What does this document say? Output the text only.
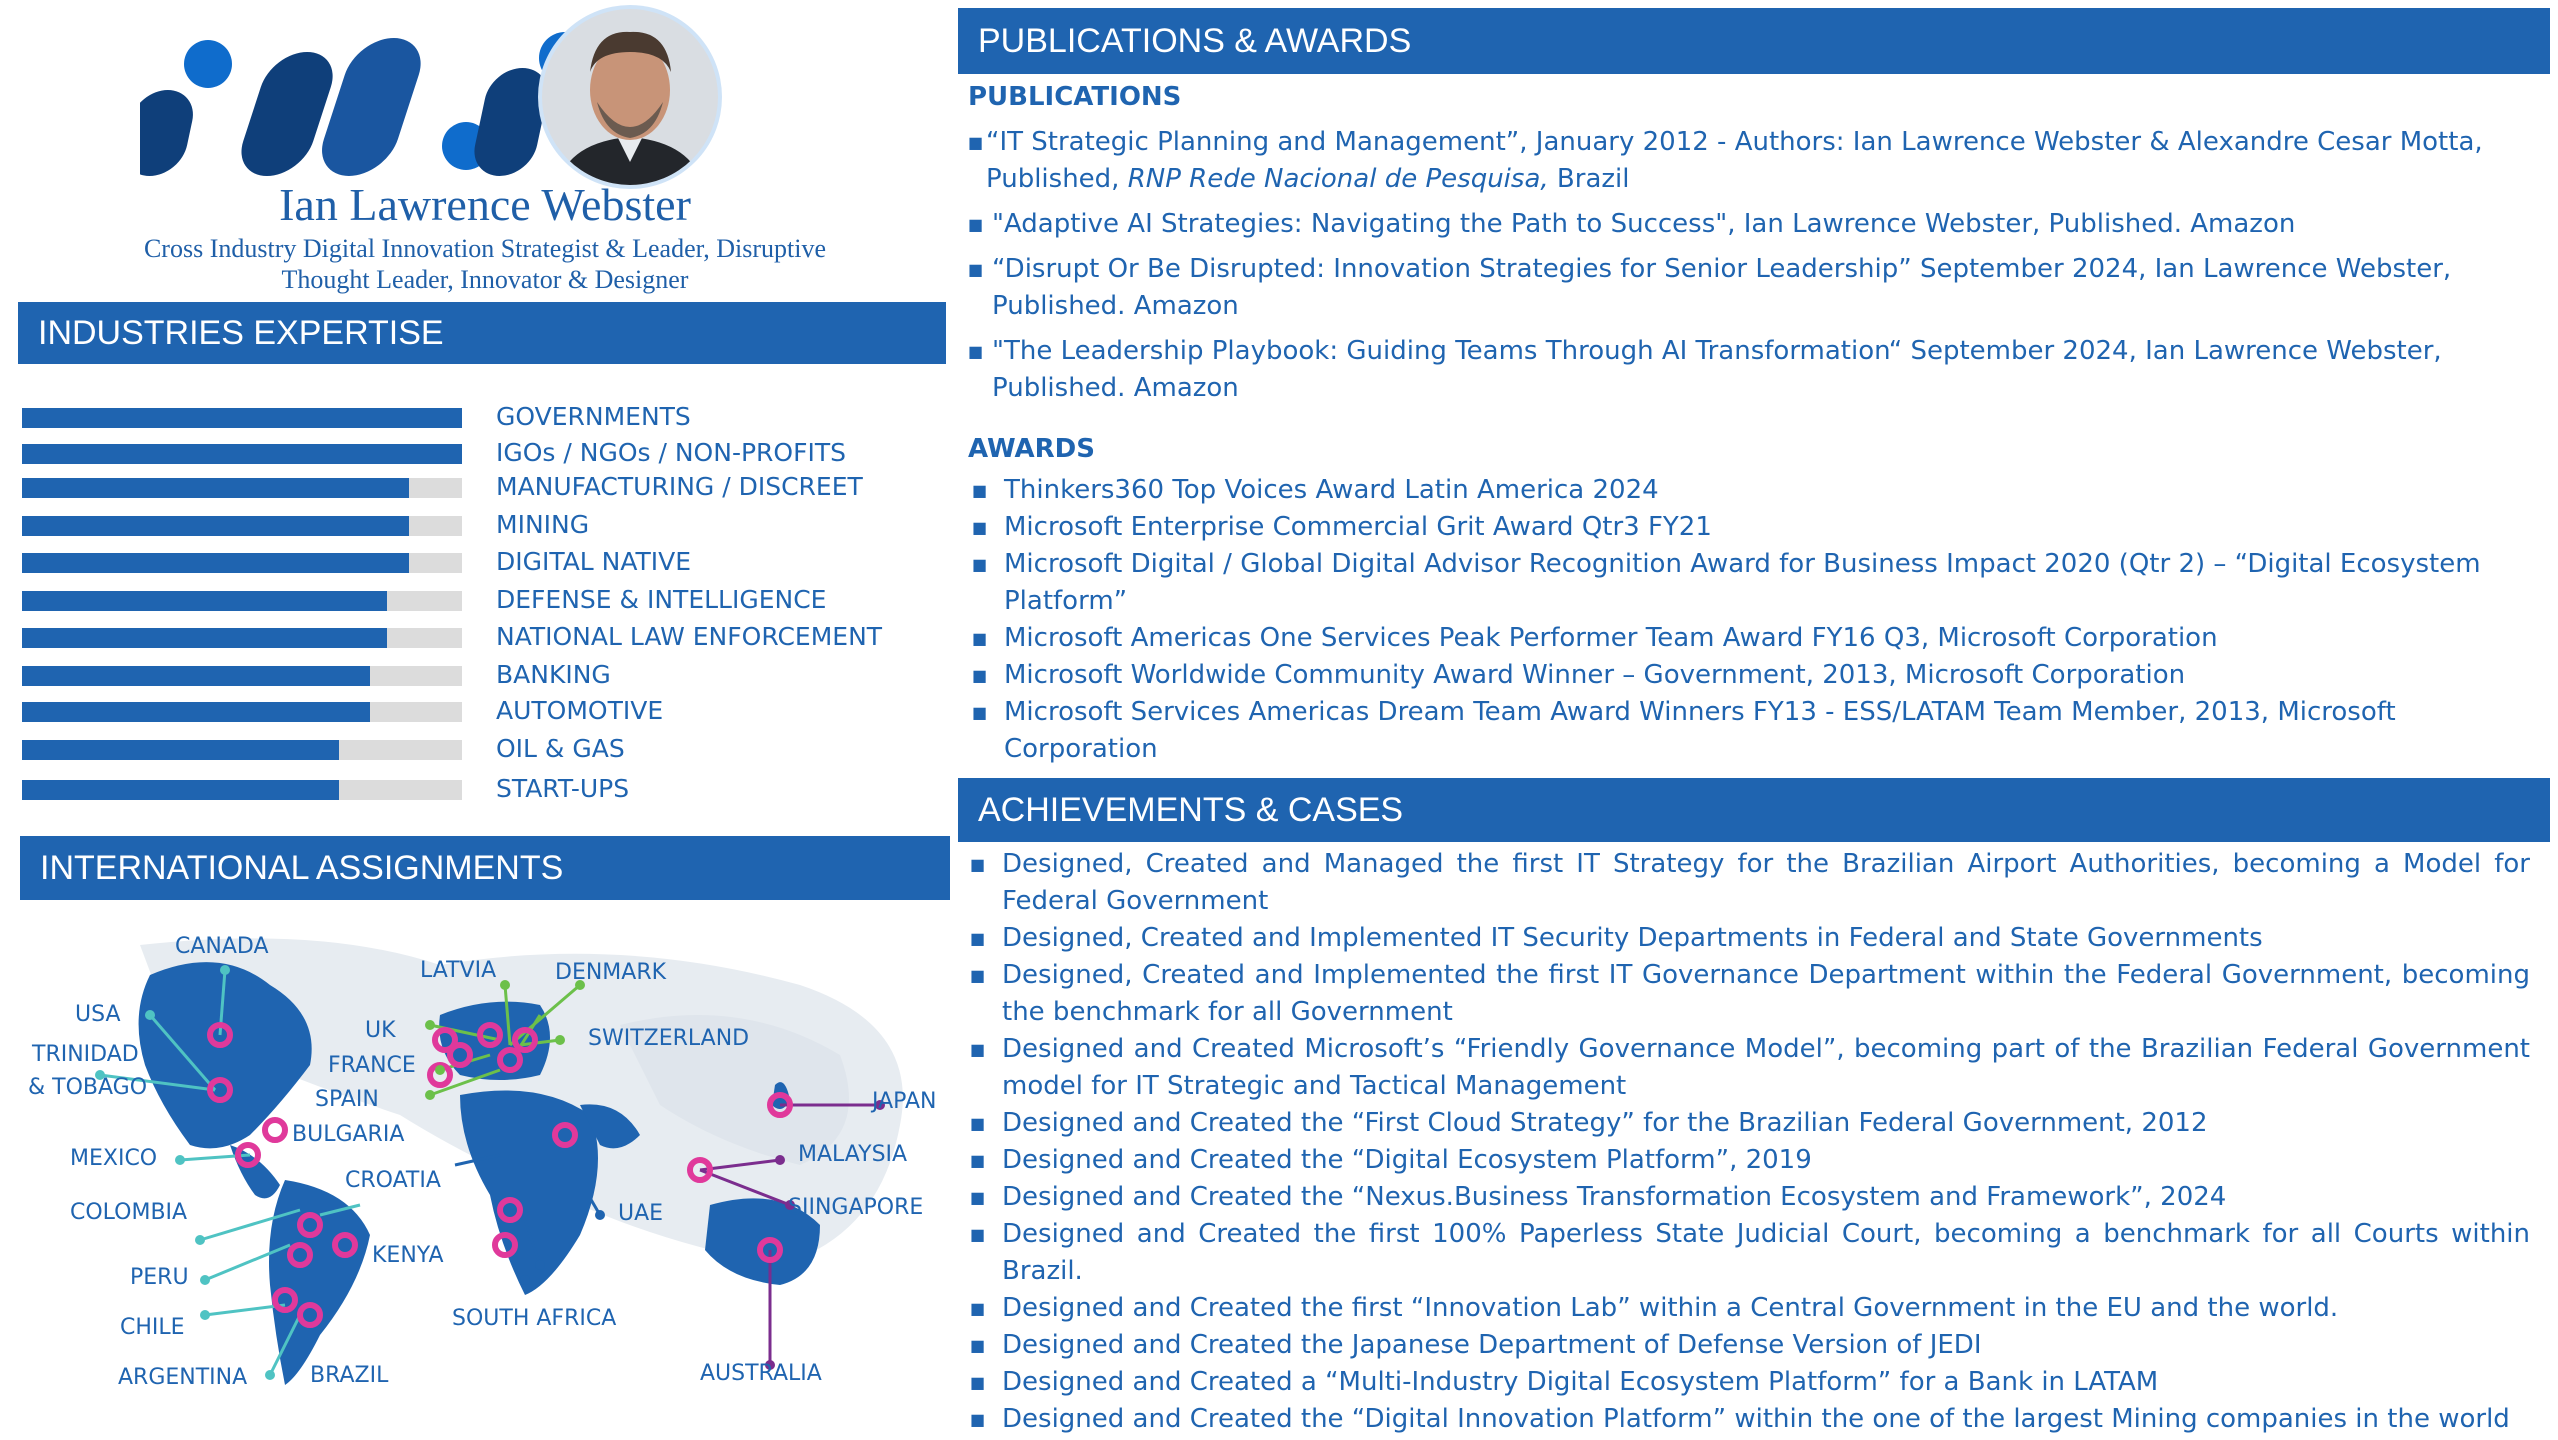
Ian Lawrence Webster
Cross Industry Digital Innovation Strategist & Leader, Disruptive
Thought Leader, Innovator & Designer
INDUSTRIES EXPERTISE
GOVERNMENTS
IGOs / NGOs / NON-PROFITS
MANUFACTURING / DISCREET
MINING
DIGITAL NATIVE
DEFENSE & INTELLIGENCE
NATIONAL LAW ENFORCEMENT
BANKING
AUTOMOTIVE
OIL & GAS
START-UPS
INTERNATIONAL ASSIGNMENTS
CANADA
USA
TRINIDAD
& TOBAGO
MEXICO
COLOMBIA
PERU
CHILE
ARGENTINA	BRAZIL
LATVIA	DENMARK
UK	SWITZERLAND
FRANCE
SPAIN
BULGARIA
CROATIA
KENYA
SOUTH AFRICA
UAE
JAPAN
MALAYSIA
SIINGAPORE
AUSTRALIA
PUBLICATIONS & AWARDS
PUBLICATIONS
■ “IT Strategic Planning and Management”, January 2012 - Authors: Ian Lawrence Webster & Alexandre Cesar Motta,
Published, RNP Rede Nacional de Pesquisa, Brazil
■ "Adaptive AI Strategies: Navigating the Path to Success", Ian Lawrence Webster, Published. Amazon
■ “Disrupt Or Be Disrupted: Innovation Strategies for Senior Leadership” September 2024, Ian Lawrence Webster, Published. Amazon
■ "The Leadership Playbook: Guiding Teams Through AI Transformation“ September 2024, Ian Lawrence Webster, Published. Amazon
AWARDS
■ Thinkers360 Top Voices Award Latin America 2024
■ Microsoft Enterprise Commercial Grit Award Qtr3 FY21
■ Microsoft Digital / Global Digital Advisor Recognition Award for Business Impact 2020 (Qtr 2) – “Digital Ecosystem Platform”
■ Microsoft Americas One Services Peak Performer Team Award FY16 Q3, Microsoft Corporation
■ Microsoft Worldwide Community Award Winner – Government, 2013, Microsoft Corporation
■ Microsoft Services Americas Dream Team Award Winners FY13 - ESS/LATAM Team Member, 2013, Microsoft Corporation
ACHIEVEMENTS & CASES
■ Designed, Created and Managed the first IT Strategy for the Brazilian Airport Authorities, becoming a Model for Federal Government
■ Designed, Created and Implemented IT Security Departments in Federal and State Governments
■ Designed, Created and Implemented the first IT Governance Department within the Federal Government, becoming the benchmark for all Government
■ Designed and Created Microsoft’s “Friendly Governance Model”, becoming part of the Brazilian Federal Government model for IT Strategic and Tactical Management
■ Designed and Created the “First Cloud Strategy” for the Brazilian Federal Government, 2012
■ Designed and Created the “Digital Ecosystem Platform”, 2019
■ Designed and Created the “Nexus.Business Transformation Ecosystem and Framework”, 2024
■ Designed and Created the first 100% Paperless State Judicial Court, becoming a benchmark for all Courts within Brazil.
■ Designed and Created the first “Innovation Lab” within a Central Government in the EU and the world.
■ Designed and Created the Japanese Department of Defense Version of JEDI
■ Designed and Created a “Multi-Industry Digital Ecosystem Platform” for a Bank in LATAM
■ Designed and Created the “Digital Innovation Platform” within the one of the largest Mining companies in the world
